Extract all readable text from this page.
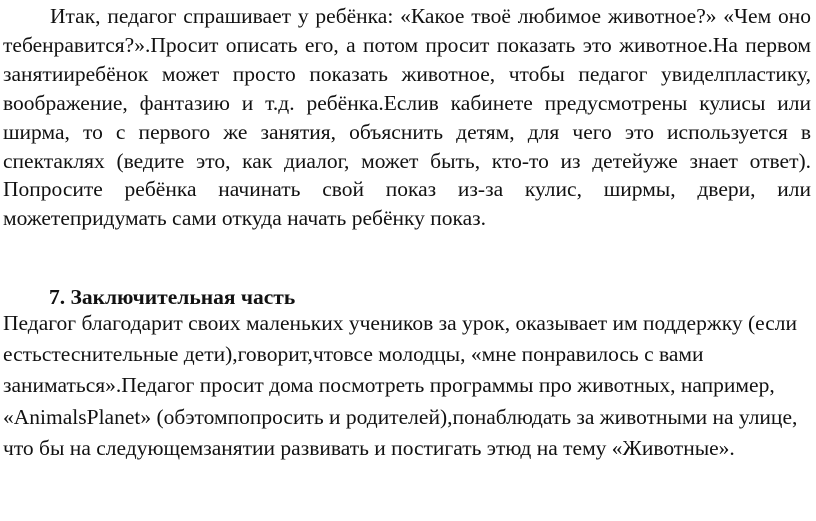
Итак, педагог спрашивает у ребёнка: «Какое твоё любимое животное?» «Чем оно тебенравится?».Просит описать его, а потом просит показать это животное.На первом занятииребёнок может просто показать животное, чтобы педагог увиделпластику, воображение, фантазию и т.д. ребёнка.Еслив кабинете предусмотрены кулисы или ширма, то с первого же занятия, объяснить детям, для чего это используется в спектаклях (ведите это, как диалог, может быть, кто-то из детейуже знает ответ). Попросите ребёнка начинать свой показ из-за кулис, ширмы, двери, или можетепридумать сами откуда начать ребёнку показ.

7. Заключительная часть

Педагог благодарит своих маленьких учеников за урок, оказывает им поддержку (если естьстеснительные дети),говорит,чтовсе молодцы, «мне понравилось с вами заниматься».Педагог просит дома посмотреть программы про животных, например, «AnimalsPlanet» (обэтомпопросить и родителей),понаблюдать за животными на улице, что бы на следующемзанятии развивать и постигать этюд на тему «Животные».
